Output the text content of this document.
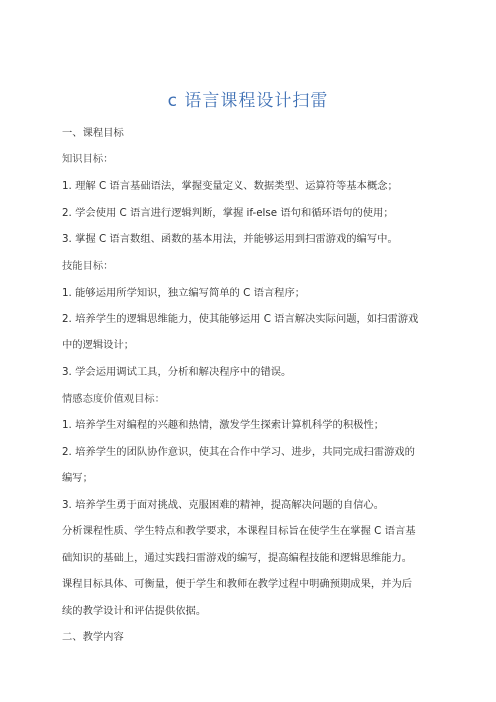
c 语言课程设计扫雷

一、课程目标

知识目标：

1. 理解 C 语言基础语法，掌握变量定义、数据类型、运算符等基本概念；

2. 学会使用 C 语言进行逻辑判断，掌握 if-else 语句和循环语句的使用；

3. 掌握 C 语言数组、函数的基本用法，并能够运用到扫雷游戏的编写中。

技能目标：

1. 能够运用所学知识，独立编写简单的 C 语言程序；

2. 培养学生的逻辑思维能力，使其能够运用 C 语言解决实际问题，如扫雷游戏

中的逻辑设计；

3. 学会运用调试工具，分析和解决程序中的错误。

情感态度价值观目标：

1. 培养学生对编程的兴趣和热情，激发学生探索计算机科学的积极性；

2. 培养学生的团队协作意识，使其在合作中学习、进步，共同完成扫雷游戏的

编写；

3. 培养学生勇于面对挑战、克服困难的精神，提高解决问题的自信心。

分析课程性质、学生特点和教学要求，本课程目标旨在使学生在掌握 C 语言基

础知识的基础上，通过实践扫雷游戏的编写，提高编程技能和逻辑思维能力。

课程目标具体、可衡量，便于学生和教师在教学过程中明确预期成果，并为后

续的教学设计和评估提供依据。

二、教学内容
